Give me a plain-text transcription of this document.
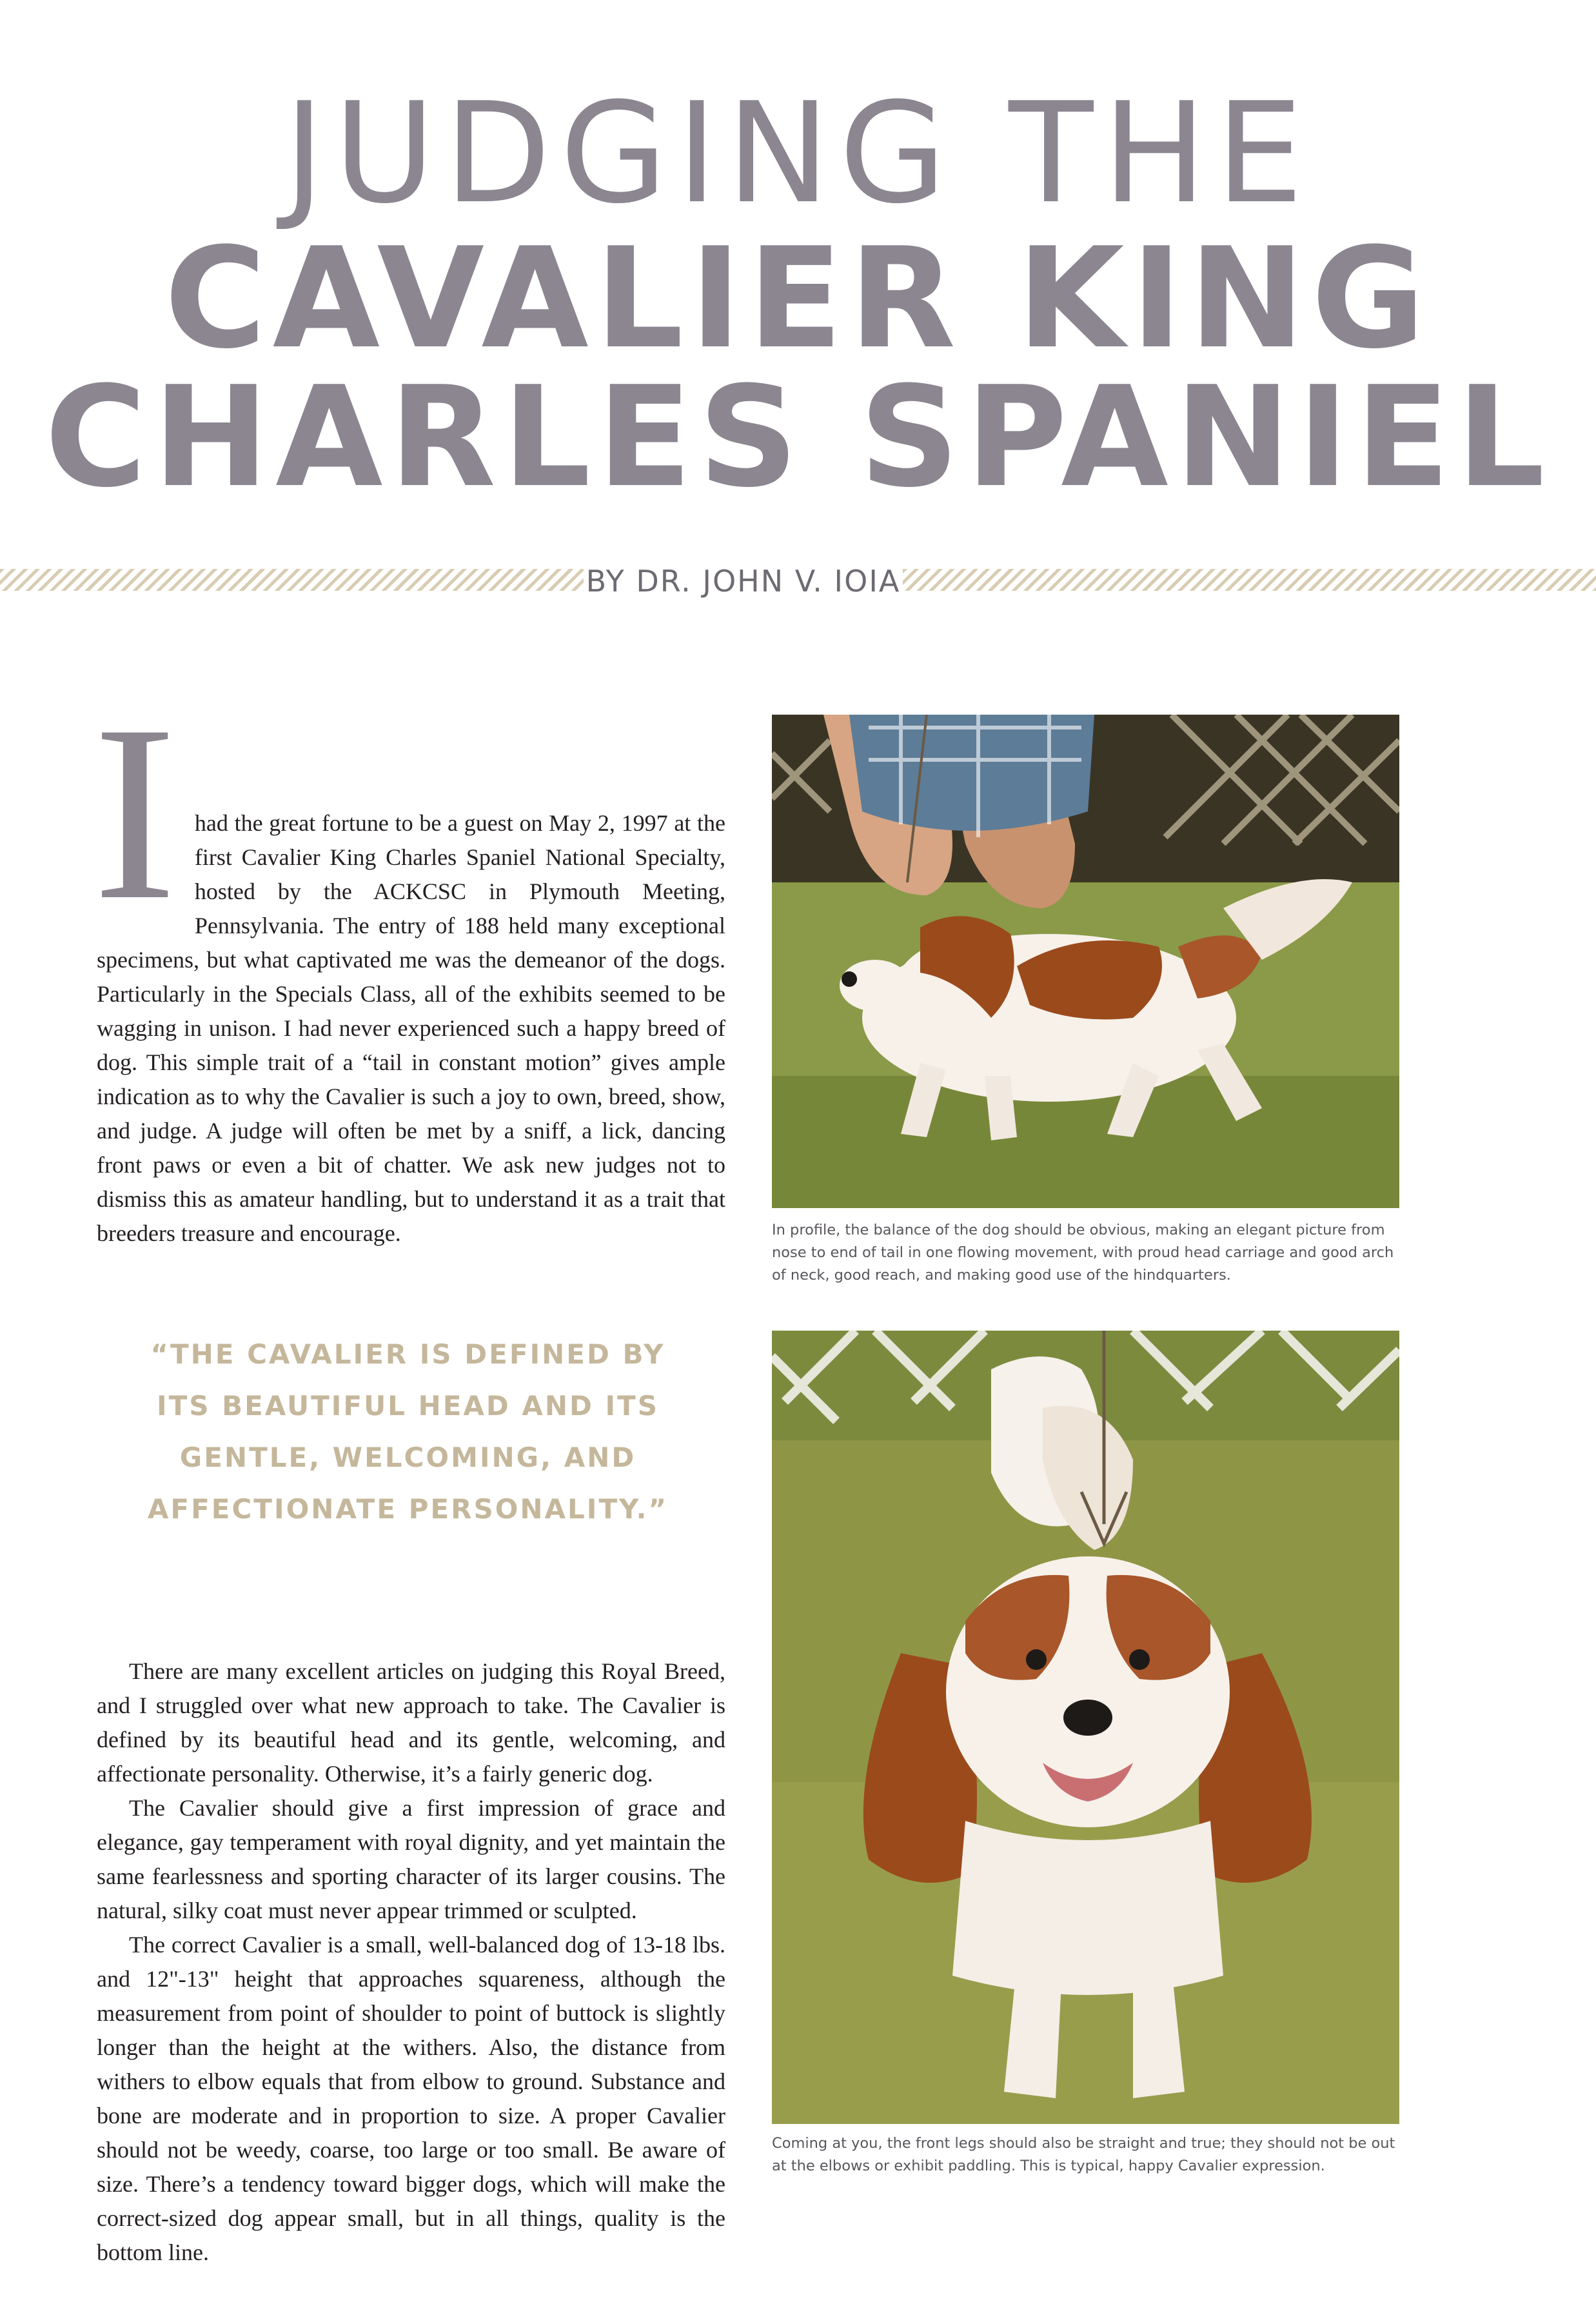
JUDGING THE
CAVALIER KING
CHARLES SPANIEL
BY DR. JOHN V. IOIA
I had the great fortune to be a guest on May 2, 1997 at the first Cavalier King Charles Spaniel National Specialty, hosted by the ACKCSC in Plymouth Meeting, Pennsylvania. The entry of 188 held many exceptional specimens, but what captivated me was the demeanor of the dogs. Particularly in the Specials Class, all of the exhibits seemed to be wagging in unison. I had never experienced such a happy breed of dog. This simple trait of a “tail in constant motion” gives ample indication as to why the Cavalier is such a joy to own, breed, show, and judge. A judge will often be met by a sniff, a lick, dancing front paws or even a bit of chatter. We ask new judges not to dismiss this as amateur handling, but to understand it as a trait that breeders treasure and encourage.

“THE CAVALIER IS DEFINED BY ITS BEAUTIFUL HEAD AND ITS GENTLE, WELCOMING, AND AFFECTIONATE PERSONALITY.”

There are many excellent articles on judging this Royal Breed, and I struggled over what new approach to take. The Cavalier is defined by its beautiful head and its gentle, welcoming, and affectionate personality. Otherwise, it’s a fairly generic dog.

The Cavalier should give a first impression of grace and elegance, gay temperament with royal dignity, and yet maintain the same fearlessness and sporting character of its larger cousins. The natural, silky coat must never appear trimmed or sculpted.

The correct Cavalier is a small, well-balanced dog of 13-18 lbs. and 12"-13" height that approaches squareness, although the measurement from point of shoulder to point of buttock is slightly longer than the height at the withers. Also, the distance from withers to elbow equals that from elbow to ground. Substance and bone are moderate and in proportion to size. A proper Cavalier should not be weedy, coarse, too large or too small. Be aware of size. There’s a tendency toward bigger dogs, which will make the correct-sized dog appear small, but in all things, quality is the bottom line.

In profile, the balance of the dog should be obvious, making an elegant picture from nose to end of tail in one flowing movement, with proud head carriage and good arch of neck, good reach, and making good use of the hindquarters.
Coming at you, the front legs should also be straight and true; they should not be out at the elbows or exhibit paddling. This is typical, happy Cavalier expression.
